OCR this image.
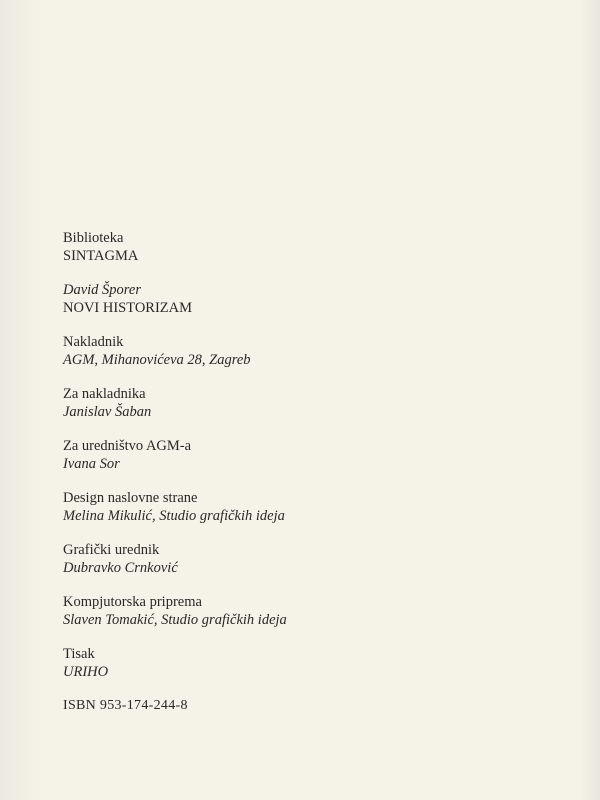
Biblioteka
SINTAGMA
David Šporer
NOVI HISTORIZAM
Nakladnik
AGM, Mihanovićeva 28, Zagreb
Za nakladnika
Janislav Šaban
Za uredništvo AGM-a
Ivana Sor
Design naslovne strane
Melina Mikulić, Studio grafičkih ideja
Grafički urednik
Dubravko Crnković
Kompjutorska priprema
Slaven Tomakić, Studio grafičkih ideja
Tisak
URIHO
ISBN 953-174-244-8
